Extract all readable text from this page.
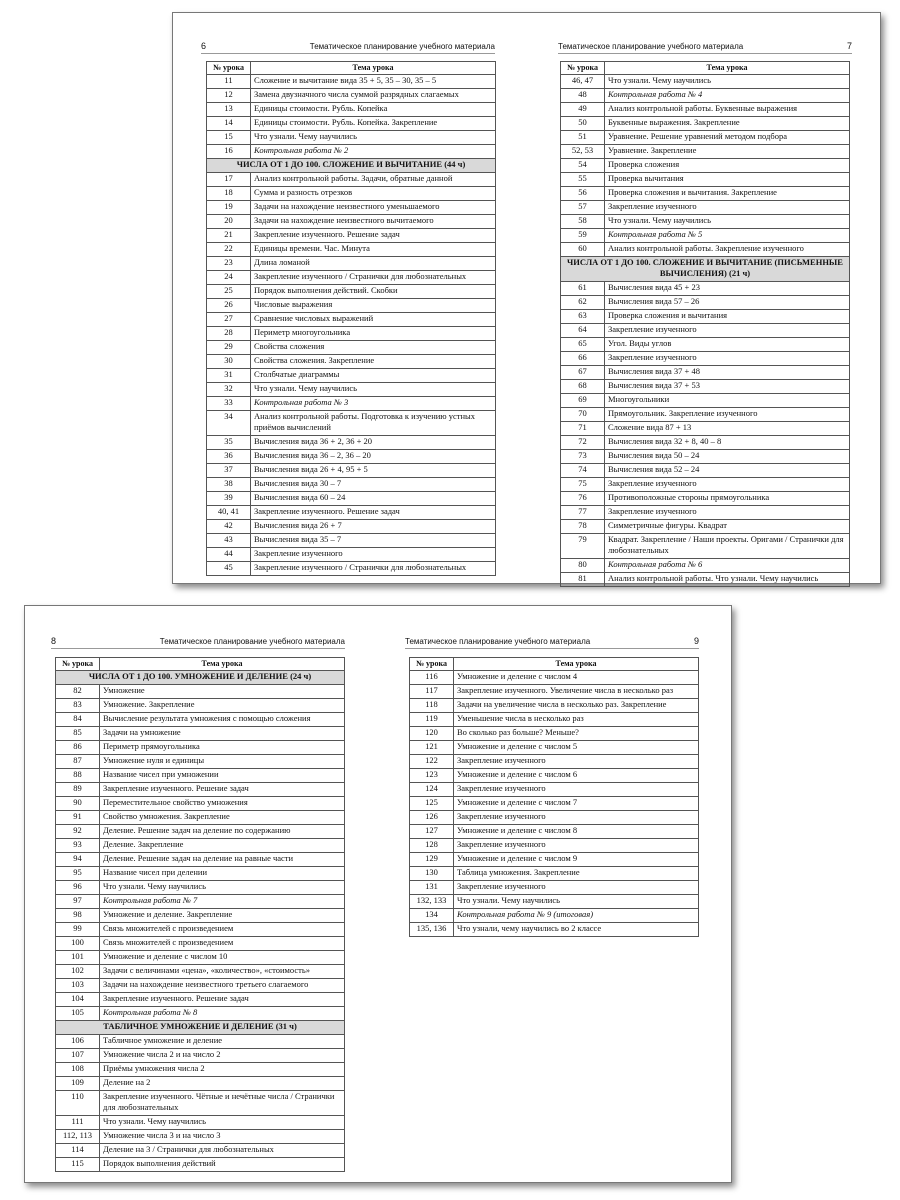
6	Тематическое планирование учебного материала
№ урока	Тема урока
11	Сложение и вычитание вида 35 + 5, 35 – 30, 35 – 5
12	Замена двузначного числа суммой разрядных слагаемых
13	Единицы стоимости. Рубль. Копейка
14	Единицы стоимости. Рубль. Копейка. Закрепление
15	Что узнали. Чему научились
16	Контрольная работа № 2
ЧИСЛА ОТ 1 ДО 100. СЛОЖЕНИЕ И ВЫЧИТАНИЕ (44 ч)	
17	Анализ контрольной работы. Задачи, обратные данной
18	Сумма и разность отрезков
19	Задачи на нахождение неизвестного уменьшаемого
20	Задачи на нахождение неизвестного вычитаемого
21	Закрепление изученного. Решение задач
22	Единицы времени. Час. Минута
23	Длина ломаной
24	Закрепление изученного / Странички для любознательных
25	Порядок выполнения действий. Скобки
26	Числовые выражения
27	Сравнение числовых выражений
28	Периметр многоугольника
29	Свойства сложения
30	Свойства сложения. Закрепление
31	Столбчатые диаграммы
32	Что узнали. Чему научились
33	Контрольная работа № 3
34	Анализ контрольной работы. Подготовка к изучению устных приёмов вычислений
35	Вычисления вида 36 + 2, 36 + 20
36	Вычисления вида 36 – 2, 36 – 20
37	Вычисления вида 26 + 4, 95 + 5
38	Вычисления вида 30 – 7
39	Вычисления вида 60 – 24
40, 41	Закрепление изученного. Решение задач
42	Вычисления вида 26 + 7
43	Вычисления вида 35 – 7
44	Закрепление изученного
45	Закрепление изученного / Странички для любознательных
Тематическое планирование учебного материала	7
№ урока	Тема урока
46, 47	Что узнали. Чему научились
48	Контрольная работа № 4
49	Анализ контрольной работы. Буквенные выражения
50	Буквенные выражения. Закрепление
51	Уравнение. Решение уравнений методом подбора
52, 53	Уравнение. Закрепление
54	Проверка сложения
55	Проверка вычитания
56	Проверка сложения и вычитания. Закрепление
57	Закрепление изученного
58	Что узнали. Чему научились
59	Контрольная работа № 5
60	Анализ контрольной работы. Закрепление изученного
ЧИСЛА ОТ 1 ДО 100. СЛОЖЕНИЕ И ВЫЧИТАНИЕ (ПИСЬМЕННЫЕ ВЫЧИСЛЕНИЯ) (21 ч)	
61	Вычисления вида 45 + 23
62	Вычисления вида 57 – 26
63	Проверка сложения и вычитания
64	Закрепление изученного
65	Угол. Виды углов
66	Закрепление изученного
67	Вычисления вида 37 + 48
68	Вычисления вида 37 + 53
69	Многоугольники
70	Прямоугольник. Закрепление изученного
71	Сложение вида 87 + 13
72	Вычисления вида 32 + 8, 40 – 8
73	Вычисления вида 50 – 24
74	Вычисления вида 52 – 24
75	Закрепление изученного
76	Противоположные стороны прямоугольника
77	Закрепление изученного
78	Симметричные фигуры. Квадрат
79	Квадрат. Закрепление / Наши проекты. Оригами / Странички для любознательных
80	Контрольная работа № 6
81	Анализ контрольной работы. Что узнали. Чему научились
8	Тематическое планирование учебного материала
№ урока	Тема урока
ЧИСЛА ОТ 1 ДО 100. УМНОЖЕНИЕ И ДЕЛЕНИЕ (24 ч)	
82	Умножение
83	Умножение. Закрепление
84	Вычисление результата умножения с помощью сложения
85	Задачи на умножение
86	Периметр прямоугольника
87	Умножение нуля и единицы
88	Название чисел при умножении
89	Закрепление изученного. Решение задач
90	Переместительное свойство умножения
91	Свойство умножения. Закрепление
92	Деление. Решение задач на деление по содержанию
93	Деление. Закрепление
94	Деление. Решение задач на деление на равные части
95	Название чисел при делении
96	Что узнали. Чему научились
97	Контрольная работа № 7
98	Умножение и деление. Закрепление
99	Связь множителей с произведением
100	Связь множителей с произведением
101	Умножение и деление с числом 10
102	Задачи с величинами «цена», «количество», «стоимость»
103	Задачи на нахождение неизвестного третьего слагаемого
104	Закрепление изученного. Решение задач
105	Контрольная работа № 8
ТАБЛИЧНОЕ УМНОЖЕНИЕ И ДЕЛЕНИЕ (31 ч)	
106	Табличное умножение и деление
107	Умножение числа 2 и на число 2
108	Приёмы умножения числа 2
109	Деление на 2
110	Закрепление изученного. Чётные и нечётные числа / Странички для любознательных
111	Что узнали. Чему научились
112, 113	Умножение числа 3 и на число 3
114	Деление на 3 / Странички для любознательных
115	Порядок выполнения действий
Тематическое планирование учебного материала	9
№ урока	Тема урока
116	Умножение и деление с числом 4
117	Закрепление изученного. Увеличение числа в несколько раз
118	Задачи на увеличение числа в несколько раз. Закрепление
119	Уменьшение числа в несколько раз
120	Во сколько раз больше? Меньше?
121	Умножение и деление с числом 5
122	Закрепление изученного
123	Умножение и деление с числом 6
124	Закрепление изученного
125	Умножение и деление с числом 7
126	Закрепление изученного
127	Умножение и деление с числом 8
128	Закрепление изученного
129	Умножение и деление с числом 9
130	Таблица умножения. Закрепление
131	Закрепление изученного
132, 133	Что узнали. Чему научились
134	Контрольная работа № 9 (итоговая)
135, 136	Что узнали, чему научились во 2 классе
